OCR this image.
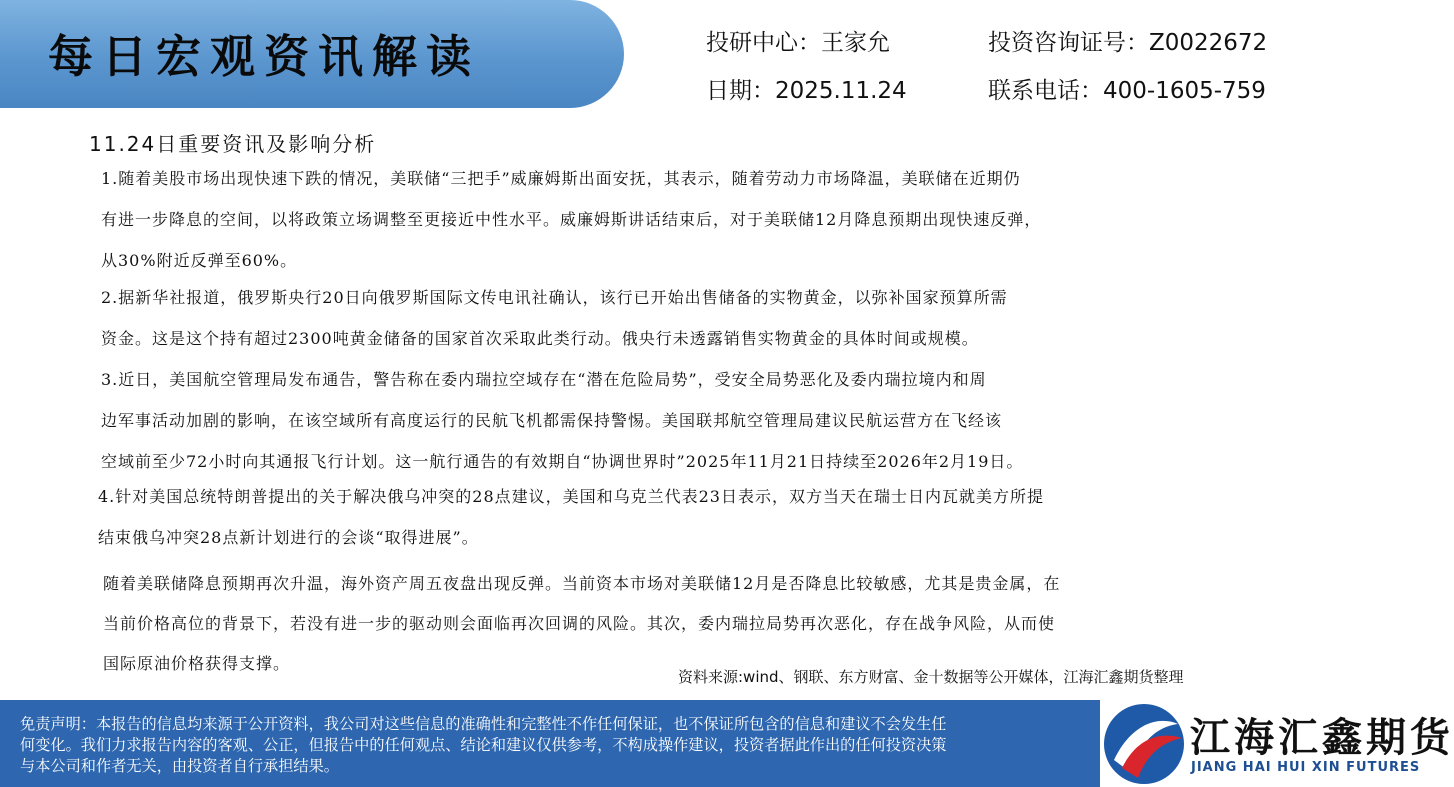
每日宏观资讯解读	投研中心：王家允	投资咨询证号：Z0022672
日期：2025.11.24	联系电话：400-1605-759
11.24日重要资讯及影响分析
1.随着美股市场出现快速下跌的情况，美联储“三把手”威廉姆斯出面安抚，其表示，随着劳动力市场降温，美联储在近期仍
有进一步降息的空间，以将政策立场调整至更接近中性水平。威廉姆斯讲话结束后，对于美联储12月降息预期出现快速反弹，
从30%附近反弹至60%。
2.据新华社报道，俄罗斯央行20日向俄罗斯国际文传电讯社确认，该行已开始出售储备的实物黄金，以弥补国家预算所需
资金。这是这个持有超过2300吨黄金储备的国家首次采取此类行动。俄央行未透露销售实物黄金的具体时间或规模。
3.近日，美国航空管理局发布通告，警告称在委内瑞拉空域存在“潜在危险局势”，受安全局势恶化及委内瑞拉境内和周
边军事活动加剧的影响，在该空域所有高度运行的民航飞机都需保持警惕。美国联邦航空管理局建议民航运营方在飞经该
空域前至少72小时向其通报飞行计划。这一航行通告的有效期自“协调世界时”2025年11月21日持续至2026年2月19日。
4.针对美国总统特朗普提出的关于解决俄乌冲突的28点建议，美国和乌克兰代表23日表示，双方当天在瑞士日内瓦就美方所提
结束俄乌冲突28点新计划进行的会谈“取得进展”。
随着美联储降息预期再次升温，海外资产周五夜盘出现反弹。当前资本市场对美联储12月是否降息比较敏感，尤其是贵金属，在
当前价格高位的背景下，若没有进一步的驱动则会面临再次回调的风险。其次，委内瑞拉局势再次恶化，存在战争风险，从而使
国际原油价格获得支撑。
资料来源:wind、钢联、东方财富、金十数据等公开媒体，江海汇鑫期货整理
免责声明：本报告的信息均来源于公开资料，我公司对这些信息的准确性和完整性不作任何保证，也不保证所包含的信息和建议不会发生任
何变化。我们力求报告内容的客观、公正，但报告中的任何观点、结论和建议仅供参考，不构成操作建议，投资者据此作出的任何投资决策
与本公司和作者无关，由投资者自行承担结果。
江海汇鑫期货
JIANG HAI HUI XIN FUTURES
